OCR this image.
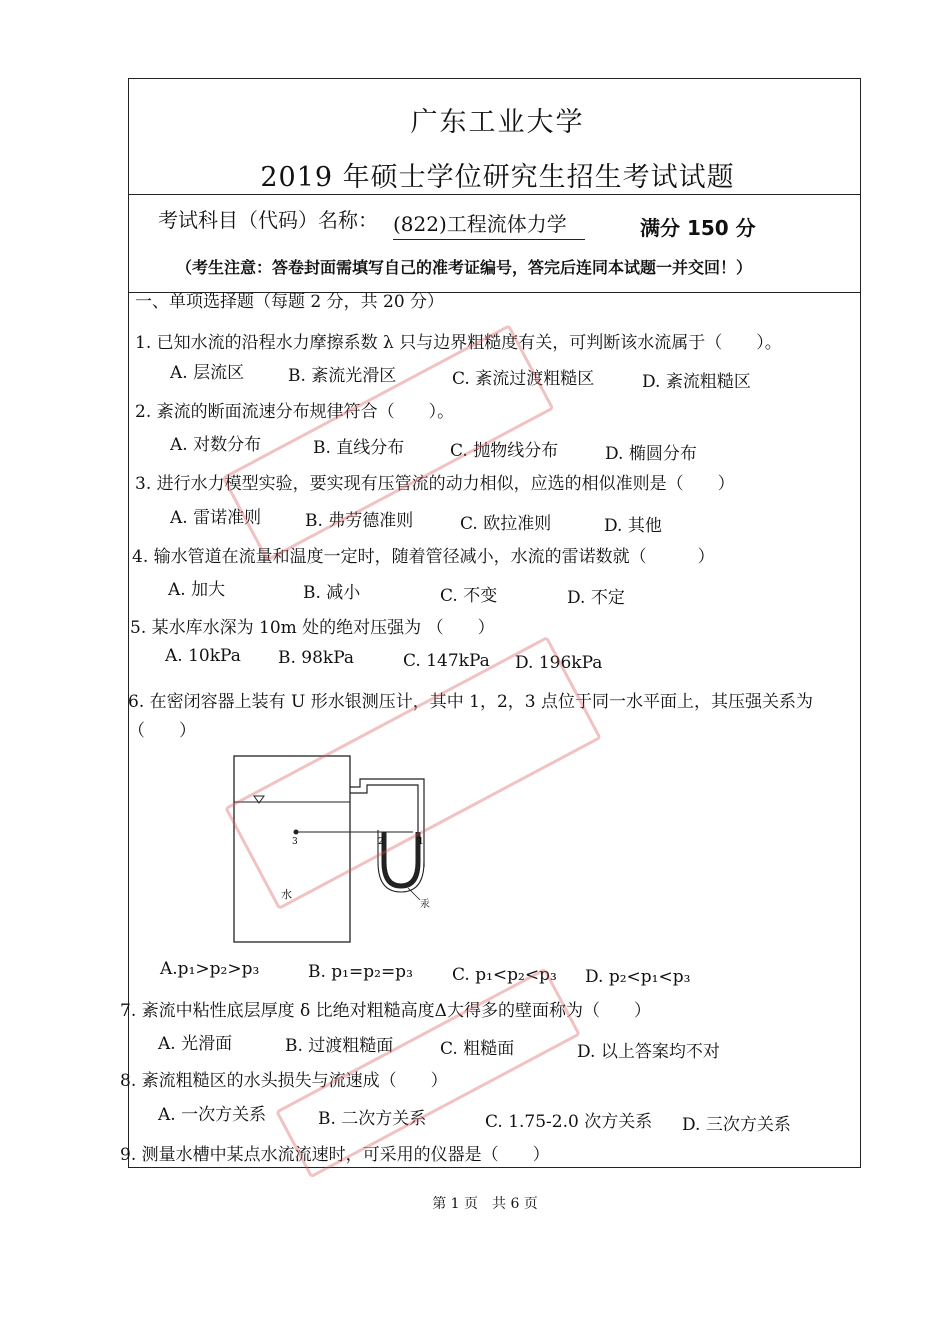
广东工业大学
2019 年硕士学位研究生招生考试试题
考试科目（代码）名称： (822)工程流体力学	满分 150 分
（考生注意：答卷封面需填写自己的准考证编号，答完后连同本试题一并交回！）
一、单项选择题（每题 2 分，共 20 分）
1. 已知水流的沿程水力摩擦系数 λ 只与边界粗糙度有关，可判断该水流属于（　　）。
A. 层流区	B. 紊流光滑区	C. 紊流过渡粗糙区	D. 紊流粗糙区
2. 紊流的断面流速分布规律符合（　　）。
A. 对数分布	B. 直线分布	C. 抛物线分布	D. 椭圆分布
3. 进行水力模型实验，要实现有压管流的动力相似，应选的相似准则是（　　）
A. 雷诺准则	B. 弗劳德准则	C. 欧拉准则	D. 其他
4. 输水管道在流量和温度一定时，随着管径减小，水流的雷诺数就（　　　）
A. 加大	B. 减小	C. 不变	D. 不定
5. 某水库水深为 10m 处的绝对压强为 （　　）
A. 10kPa B. 98kPa	C. 147kPa D. 196kPa
6. 在密闭容器上装有 U 形水银测压计，其中 1，2，3 点位于同一水平面上，其压强关系为
（　　）
3	2	1
水
汞
A.p₁>p₂>p₃	B. p₁=p₂=p₃ C. p₁<p₂<p₃ D. p₂<p₁<p₃
7. 紊流中粘性底层厚度 δ 比绝对粗糙高度Δ大得多的壁面称为（　　）
A. 光滑面	B. 过渡粗糙面	C. 粗糙面	D. 以上答案均不对
8. 紊流粗糙区的水头损失与流速成（　　）
A. 一次方关系	B. 二次方关系	C. 1.75-2.0 次方关系 D. 三次方关系
9. 测量水槽中某点水流流速时，可采用的仪器是（　　）
第 1 页　共 6 页
